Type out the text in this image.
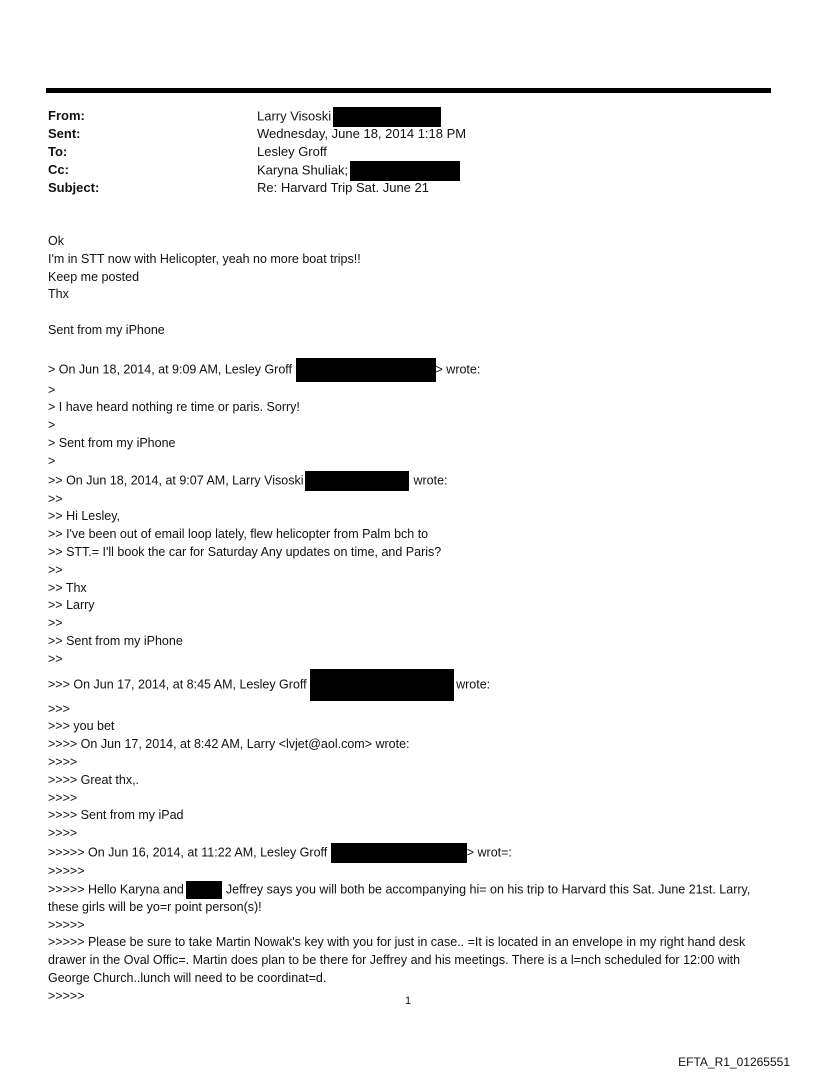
From:	Larry Visoski
Sent:	Wednesday, June 18, 2014 1:18 PM
To:	Lesley Groff
Cc:	Karyna Shuliak;
Subject:	Re: Harvard Trip Sat. June 21
Ok
I'm in STT now with Helicopter, yeah no more boat trips!!
Keep me posted
Thx
Sent from my iPhone
> On Jun 18, 2014, at 9:09 AM, Lesley Groff	> wrote:
>
> I have heard nothing re time or paris. Sorry!
>
> Sent from my iPhone
>
>> On Jun 18, 2014, at 9:07 AM, Larry Visoski	wrote:
>>
>> Hi Lesley,
>> I've been out of email loop lately, flew helicopter from Palm bch to
>> STT.= I'll book the car for Saturday Any updates on time, and Paris?
>>
>> Thx
>> Larry
>>
>> Sent from my iPhone
>>
>>> On Jun 17, 2014, at 8:45 AM, Lesley Groff	wrote:
>>>
>>> you bet
>>>> On Jun 17, 2014, at 8:42 AM, Larry <lvjet@aol.com> wrote:
>>>>
>>>> Great thx,.
>>>>
>>>> Sent from my iPad
>>>>
>>>>> On Jun 16, 2014, at 11:22 AM, Lesley Groff	> wrot=:
>>>>>
>>>>> Hello Karyna and	Jeffrey says you will both be accompanying hi= on his trip to Harvard this Sat. June 21st. Larry, these girls will be yo=r point person(s)!
>>>>>
>>>>> Please be sure to take Martin Nowak's key with you for just in case.. =It is located in an envelope in my right hand desk drawer in the Oval Offic=. Martin does plan to be there for Jeffrey and his meetings. There is a l=nch scheduled for 12:00 with George Church..lunch will need to be coordinat=d.
>>>>>	1
EFTA_R1_01265551
